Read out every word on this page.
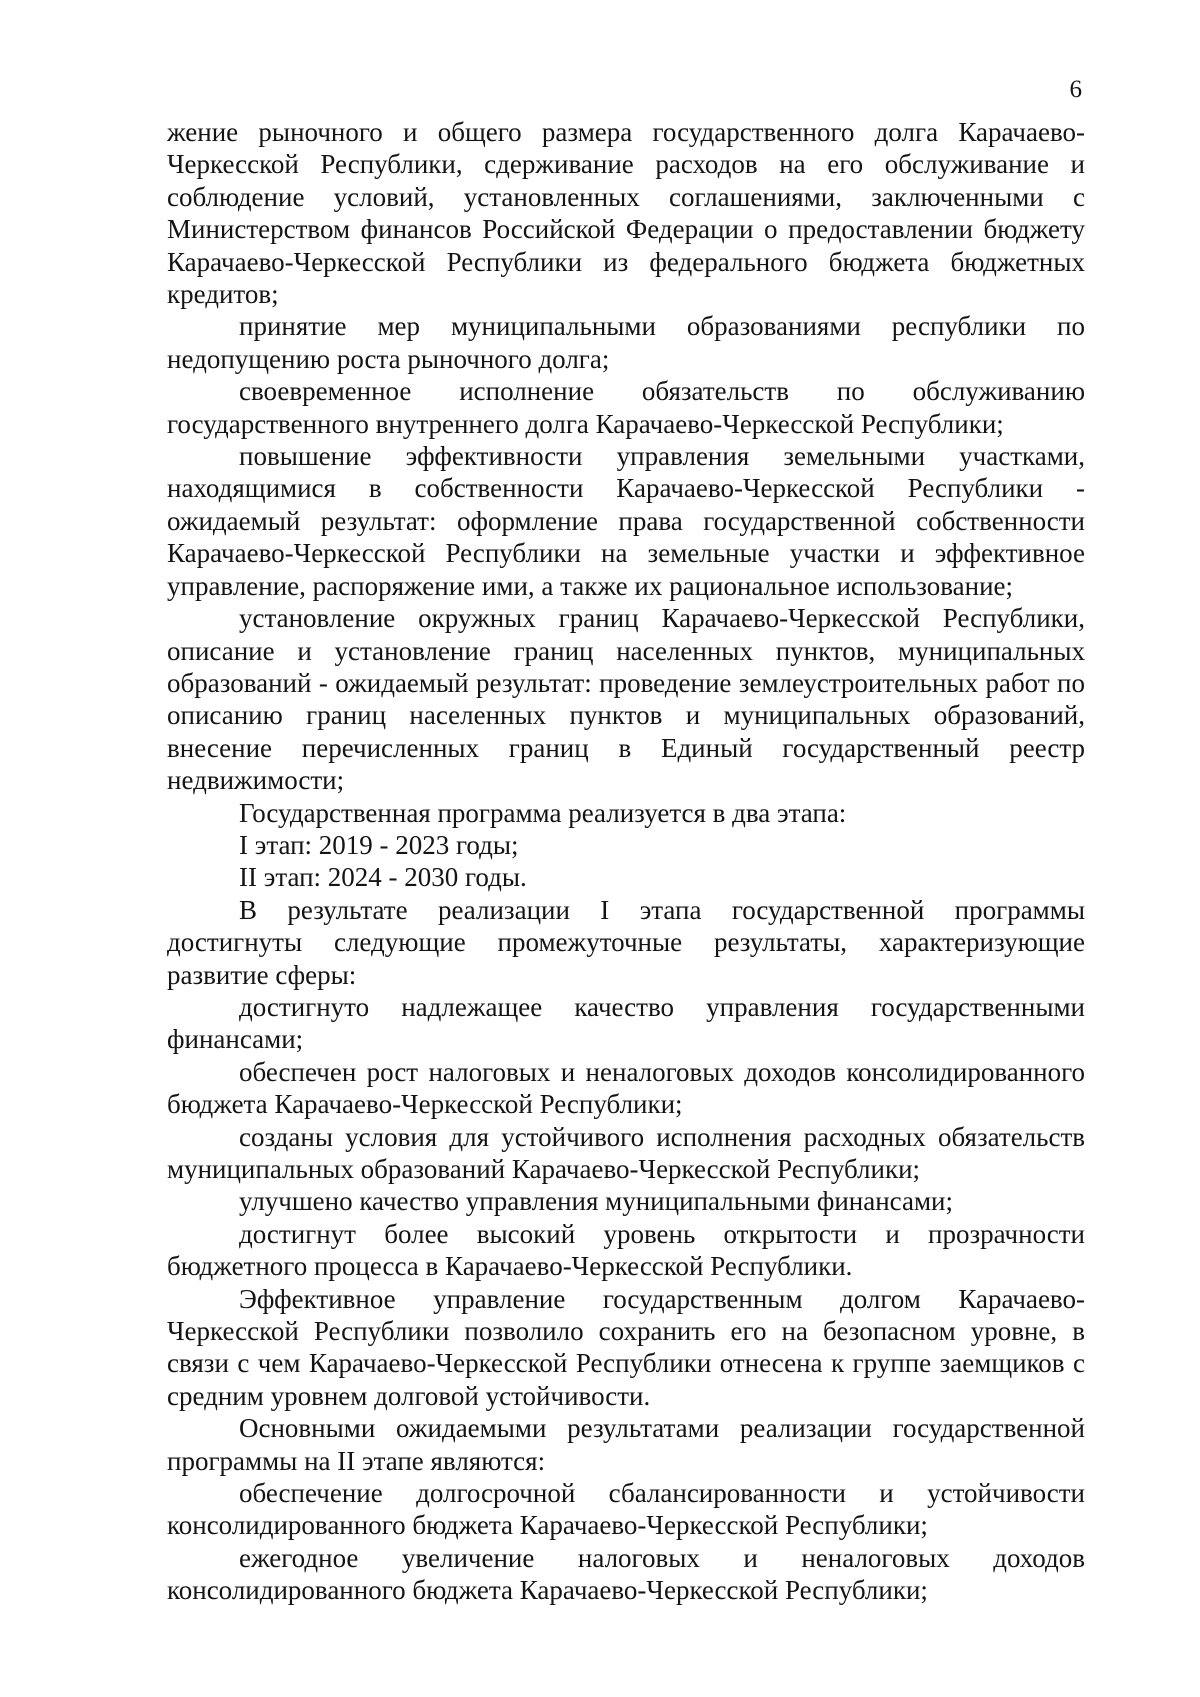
6

жение рыночного и общего размера государственного долга Карачаево-Черкесской Республики, сдерживание расходов на его обслуживание и соблюдение условий, установленных соглашениями, заключенными с Министерством финансов Российской Федерации о предоставлении бюджету Карачаево-Черкесской Республики из федерального бюджета бюджетных кредитов;

принятие мер муниципальными образованиями республики по недопущению роста рыночного долга;

своевременное исполнение обязательств по обслуживанию государственного внутреннего долга Карачаево-Черкесской Республики;

повышение эффективности управления земельными участками, находящимися в собственности Карачаево-Черкесской Республики - ожидаемый результат: оформление права государственной собственности Карачаево-Черкесской Республики на земельные участки и эффективное управление, распоряжение ими, а также их рациональное использование;

установление окружных границ Карачаево-Черкесской Республики, описание и установление границ населенных пунктов, муниципальных образований - ожидаемый результат: проведение землеустроительных работ по описанию границ населенных пунктов и муниципальных образований, внесение перечисленных границ в Единый государственный реестр недвижимости;

Государственная программа реализуется в два этапа:

I этап: 2019 - 2023 годы;

II этап: 2024 - 2030 годы.

В результате реализации I этапа государственной программы достигнуты следующие промежуточные результаты, характеризующие развитие сферы:

достигнуто надлежащее качество управления государственными финансами;

обеспечен рост налоговых и неналоговых доходов консолидированного бюджета Карачаево-Черкесской Республики;

созданы условия для устойчивого исполнения расходных обязательств муниципальных образований Карачаево-Черкесской Республики;

улучшено качество управления муниципальными финансами;

достигнут более высокий уровень открытости и прозрачности бюджетного процесса в Карачаево-Черкесской Республики.

Эффективное управление государственным долгом Карачаево-Черкесской Республики позволило сохранить его на безопасном уровне, в связи с чем Карачаево-Черкесской Республики отнесена к группе заемщиков с средним уровнем долговой устойчивости.

Основными ожидаемыми результатами реализации государственной программы на II этапе являются:

обеспечение долгосрочной сбалансированности и устойчивости консолидированного бюджета Карачаево-Черкесской Республики;

ежегодное увеличение налоговых и неналоговых доходов консолидированного бюджета Карачаево-Черкесской Республики;
